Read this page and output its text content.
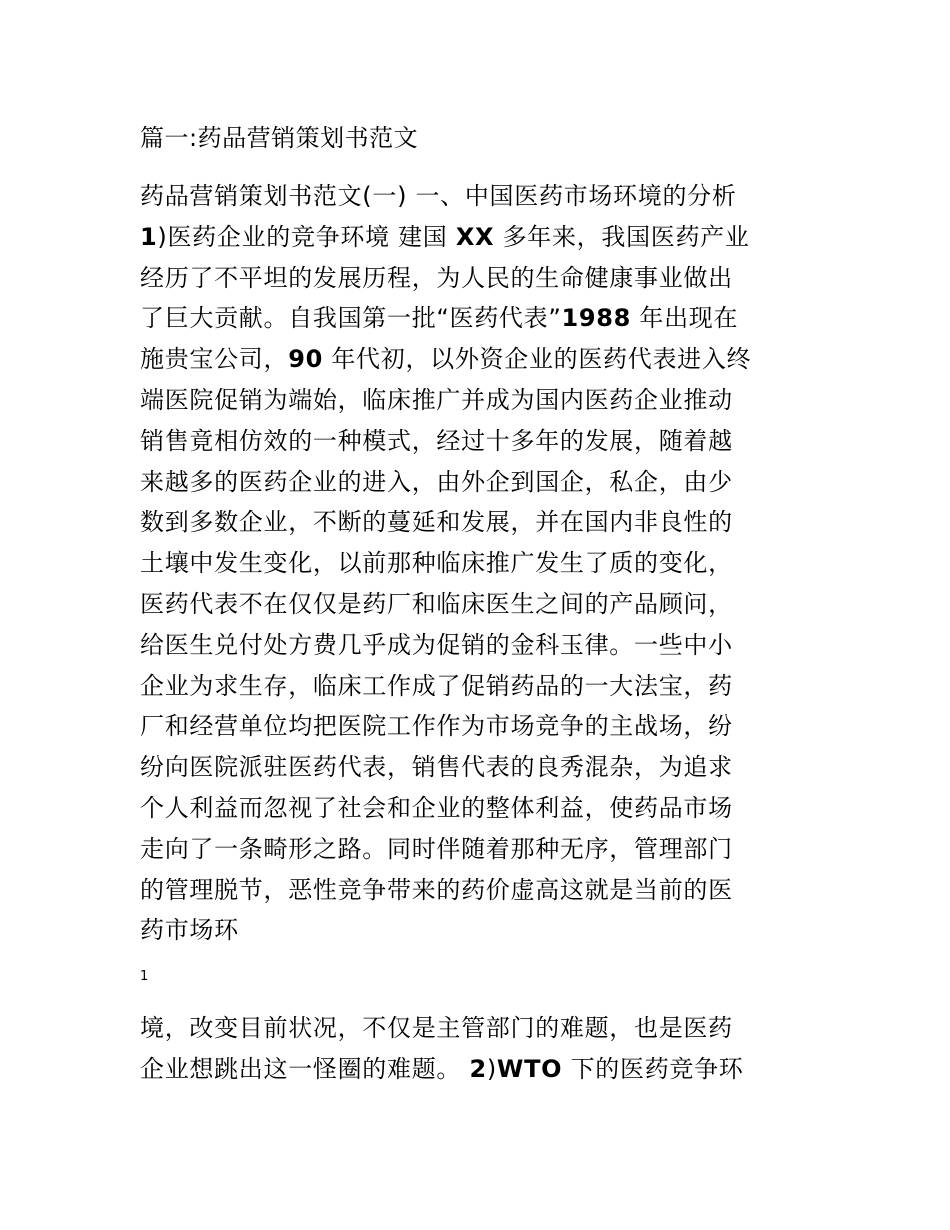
篇一:药品营销策划书范文
药品营销策划书范文(一) 一、中国医药市场环境的分析
1)医药企业的竞争环境 建国 XX 多年来，我国医药产业
经历了不平坦的发展历程，为人民的生命健康事业做出
了巨大贡献。自我国第一批“医药代表”1988 年出现在
施贵宝公司，90 年代初，以外资企业的医药代表进入终
端医院促销为端始，临床推广并成为国内医药企业推动
销售竟相仿效的一种模式，经过十多年的发展，随着越
来越多的医药企业的进入，由外企到国企，私企，由少
数到多数企业，不断的蔓延和发展，并在国内非良性的
土壤中发生变化，以前那种临床推广发生了质的变化，
医药代表不在仅仅是药厂和临床医生之间的产品顾问，
给医生兑付处方费几乎成为促销的金科玉律。一些中小
企业为求生存，临床工作成了促销药品的一大法宝，药
厂和经营单位均把医院工作作为市场竞争的主战场，纷
纷向医院派驻医药代表，销售代表的良秀混杂，为追求
个人利益而忽视了社会和企业的整体利益，使药品市场
走向了一条畸形之路。同时伴随着那种无序，管理部门
的管理脱节，恶性竞争带来的药价虚高这就是当前的医
药市场环
1
境，改变目前状况，不仅是主管部门的难题，也是医药
企业想跳出这一怪圈的难题。 2)WTO 下的医药竞争环
